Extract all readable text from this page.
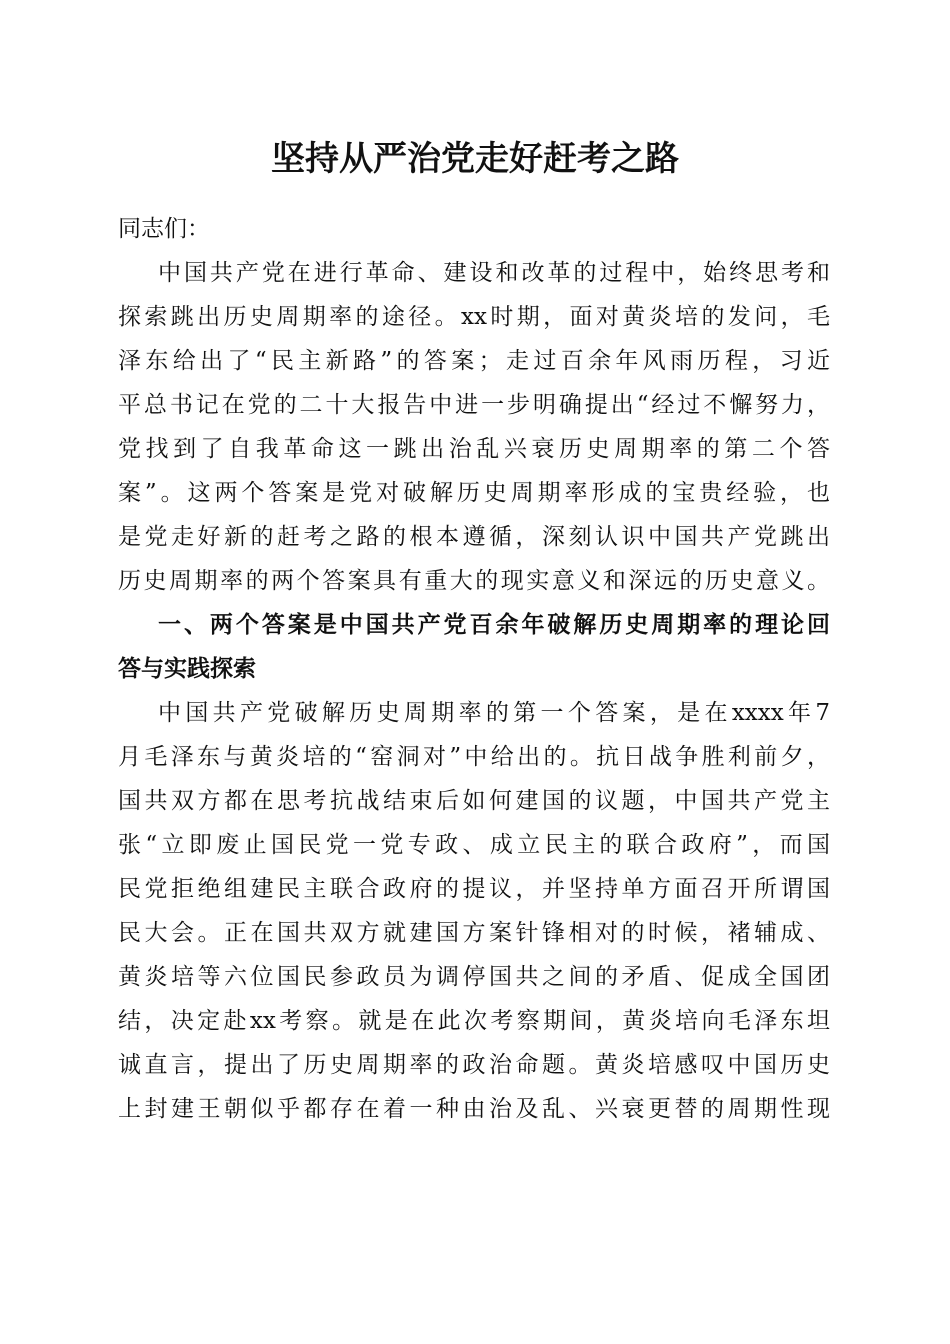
坚持从严治党走好赶考之路
同志们：
中国共产党在进行革命、建设和改革的过程中，始终思考和
探索跳出历史周期率的途径。xx时期，面对黄炎培的发问，毛
泽东给出了“民主新路”的答案；走过百余年风雨历程，习近
平总书记在党的二十大报告中进一步明确提出“经过不懈努力，
党找到了自我革命这一跳出治乱兴衰历史周期率的第二个答
案”。这两个答案是党对破解历史周期率形成的宝贵经验，也
是党走好新的赶考之路的根本遵循，深刻认识中国共产党跳出
历史周期率的两个答案具有重大的现实意义和深远的历史意义。
一、两个答案是中国共产党百余年破解历史周期率的理论回
答与实践探索
中国共产党破解历史周期率的第一个答案，是在xxxx年7
月毛泽东与黄炎培的“窑洞对”中给出的。抗日战争胜利前夕，
国共双方都在思考抗战结束后如何建国的议题，中国共产党主
张“立即废止国民党一党专政、成立民主的联合政府”，而国
民党拒绝组建民主联合政府的提议，并坚持单方面召开所谓国
民大会。正在国共双方就建国方案针锋相对的时候，褚辅成、
黄炎培等六位国民参政员为调停国共之间的矛盾、促成全国团
结，决定赴xx考察。就是在此次考察期间，黄炎培向毛泽东坦
诚直言，提出了历史周期率的政治命题。黄炎培感叹中国历史
上封建王朝似乎都存在着一种由治及乱、兴衰更替的周期性现
